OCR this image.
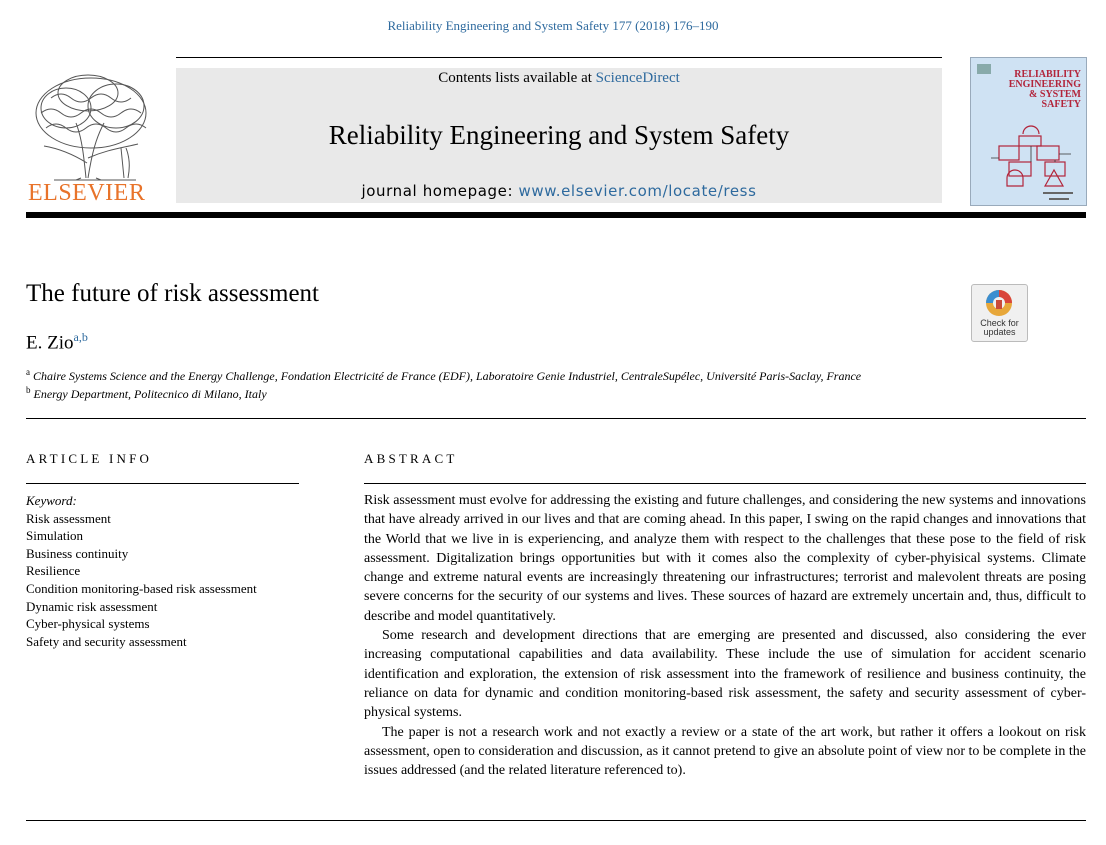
Reliability Engineering and System Safety 177 (2018) 176–190
ELSEVIER
Contents lists available at ScienceDirect
Reliability Engineering and System Safety
journal homepage: www.elsevier.com/locate/ress
RELIABILITY
ENGINEERING
& SYSTEM
SAFETY
The future of risk assessment
Check for
updates
E. Zio$^{a,b}$
$^a$ Chaire Systems Science and the Energy Challenge, Fondation Electricité de France (EDF), Laboratoire Genie Industriel, CentraleSupélec, Université Paris-Saclay, France
$^b$ Energy Department, Politecnico di Milano, Italy
ARTICLE INFO
Keyword:
Risk assessment
Simulation
Business continuity
Resilience
Condition monitoring-based risk assessment
Dynamic risk assessment
Cyber-physical systems
Safety and security assessment
ABSTRACT

Risk assessment must evolve for addressing the existing and future challenges, and considering the new systems and innovations that have already arrived in our lives and that are coming ahead. In this paper, I swing on the rapid changes and innovations that the World that we live in is experiencing, and analyze them with respect to the challenges that these pose to the field of risk assessment. Digitalization brings opportunities but with it comes also the complexity of cyber-phyisical systems. Climate change and extreme natural events are increasingly threatening our infrastructures; terrorist and malevolent threats are posing severe concerns for the security of our systems and lives. These sources of hazard are extremely uncertain and, thus, difficult to describe and model quantitatively.

Some research and development directions that are emerging are presented and discussed, also considering the ever increasing computational capabilities and data availability. These include the use of simulation for accident scenario identification and exploration, the extension of risk assessment into the framework of resilience and business continuity, the reliance on data for dynamic and condition monitoring-based risk assessment, the safety and security assessment of cyber-physical systems.

The paper is not a research work and not exactly a review or a state of the art work, but rather it offers a lookout on risk assessment, open to consideration and discussion, as it cannot pretend to give an absolute point of view nor to be complete in the issues addressed (and the related literature referenced to).
